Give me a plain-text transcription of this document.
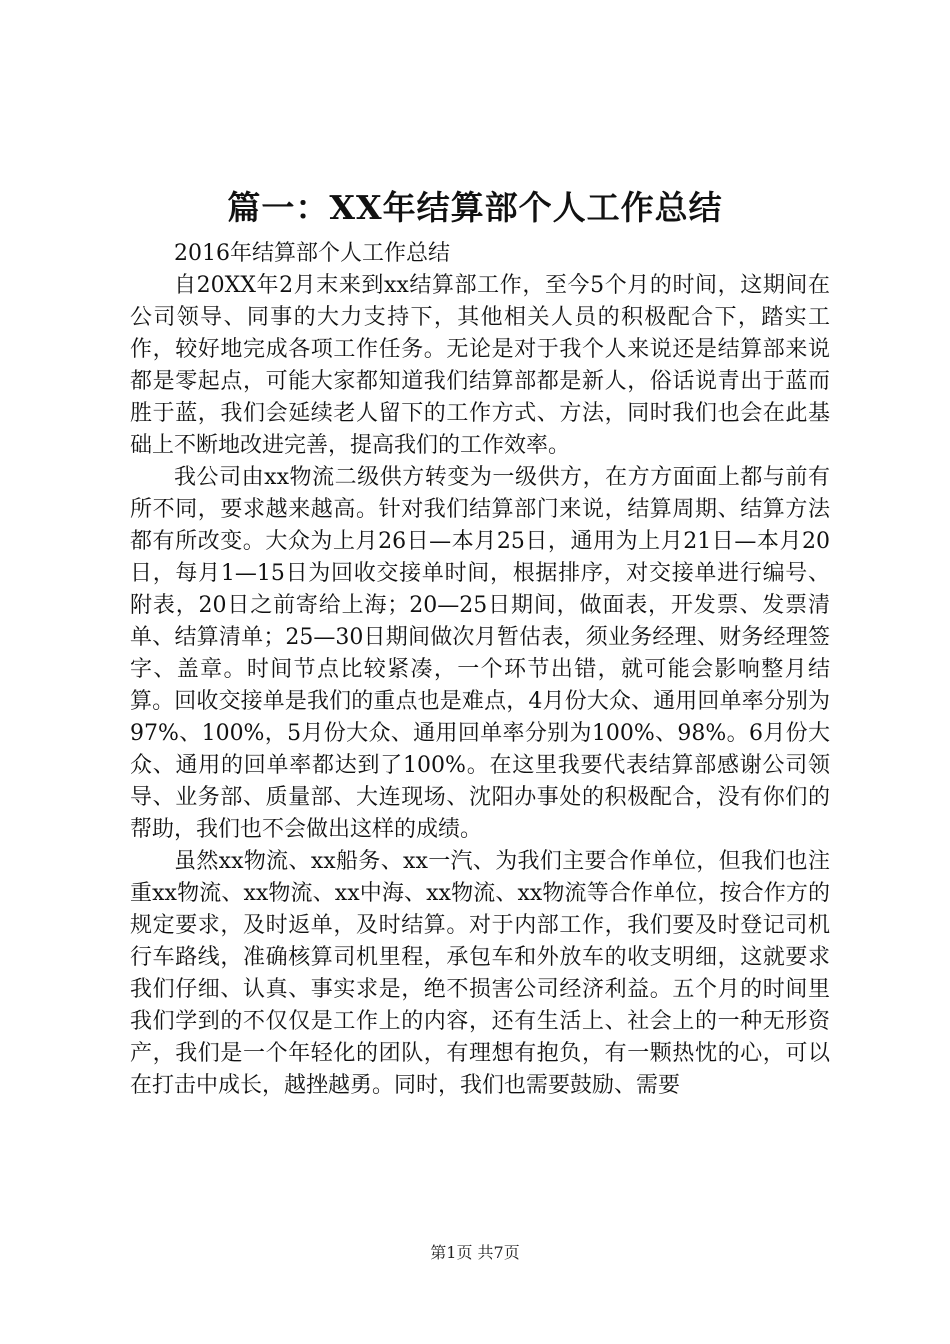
篇一：XX年结算部个人工作总结
2016年结算部个人工作总结

自20XX年2月末来到xx结算部工作，至今5个月的时间，这期间在公司领导、同事的大力支持下，其他相关人员的积极配合下，踏实工作，较好地完成各项工作任务。无论是对于我个人来说还是结算部来说都是零起点，可能大家都知道我们结算部都是新人，俗话说青出于蓝而胜于蓝，我们会延续老人留下的工作方式、方法，同时我们也会在此基础上不断地改进完善，提高我们的工作效率。

我公司由xx物流二级供方转变为一级供方，在方方面面上都与前有所不同，要求越来越高。针对我们结算部门来说，结算周期、结算方法都有所改变。大众为上月26日—本月25日，通用为上月21日—本月20日，每月1—15日为回收交接单时间，根据排序，对交接单进行编号、附表，20日之前寄给上海；20—25日期间，做面表，开发票、发票清单、结算清单；25—30日期间做次月暂估表，须业务经理、财务经理签字、盖章。时间节点比较紧凑，一个环节出错，就可能会影响整月结算。回收交接单是我们的重点也是难点，4月份大众、通用回单率分别为97%、100%，5月份大众、通用回单率分别为100%、98%。6月份大众、通用的回单率都达到了100%。在这里我要代表结算部感谢公司领导、业务部、质量部、大连现场、沈阳办事处的积极配合，没有你们的帮助，我们也不会做出这样的成绩。

虽然xx物流、xx船务、xx一汽、为我们主要合作单位，但我们也注重xx物流、xx物流、xx中海、xx物流、xx物流等合作单位，按合作方的规定要求，及时返单，及时结算。对于内部工作，我们要及时登记司机行车路线，准确核算司机里程，承包车和外放车的收支明细，这就要求我们仔细、认真、事实求是，绝不损害公司经济利益。五个月的时间里我们学到的不仅仅是工作上的内容，还有生活上、社会上的一种无形资产，我们是一个年轻化的团队，有理想有抱负，有一颗热忱的心，可以在打击中成长，越挫越勇。同时，我们也需要鼓励、需要

第1页 共7页
